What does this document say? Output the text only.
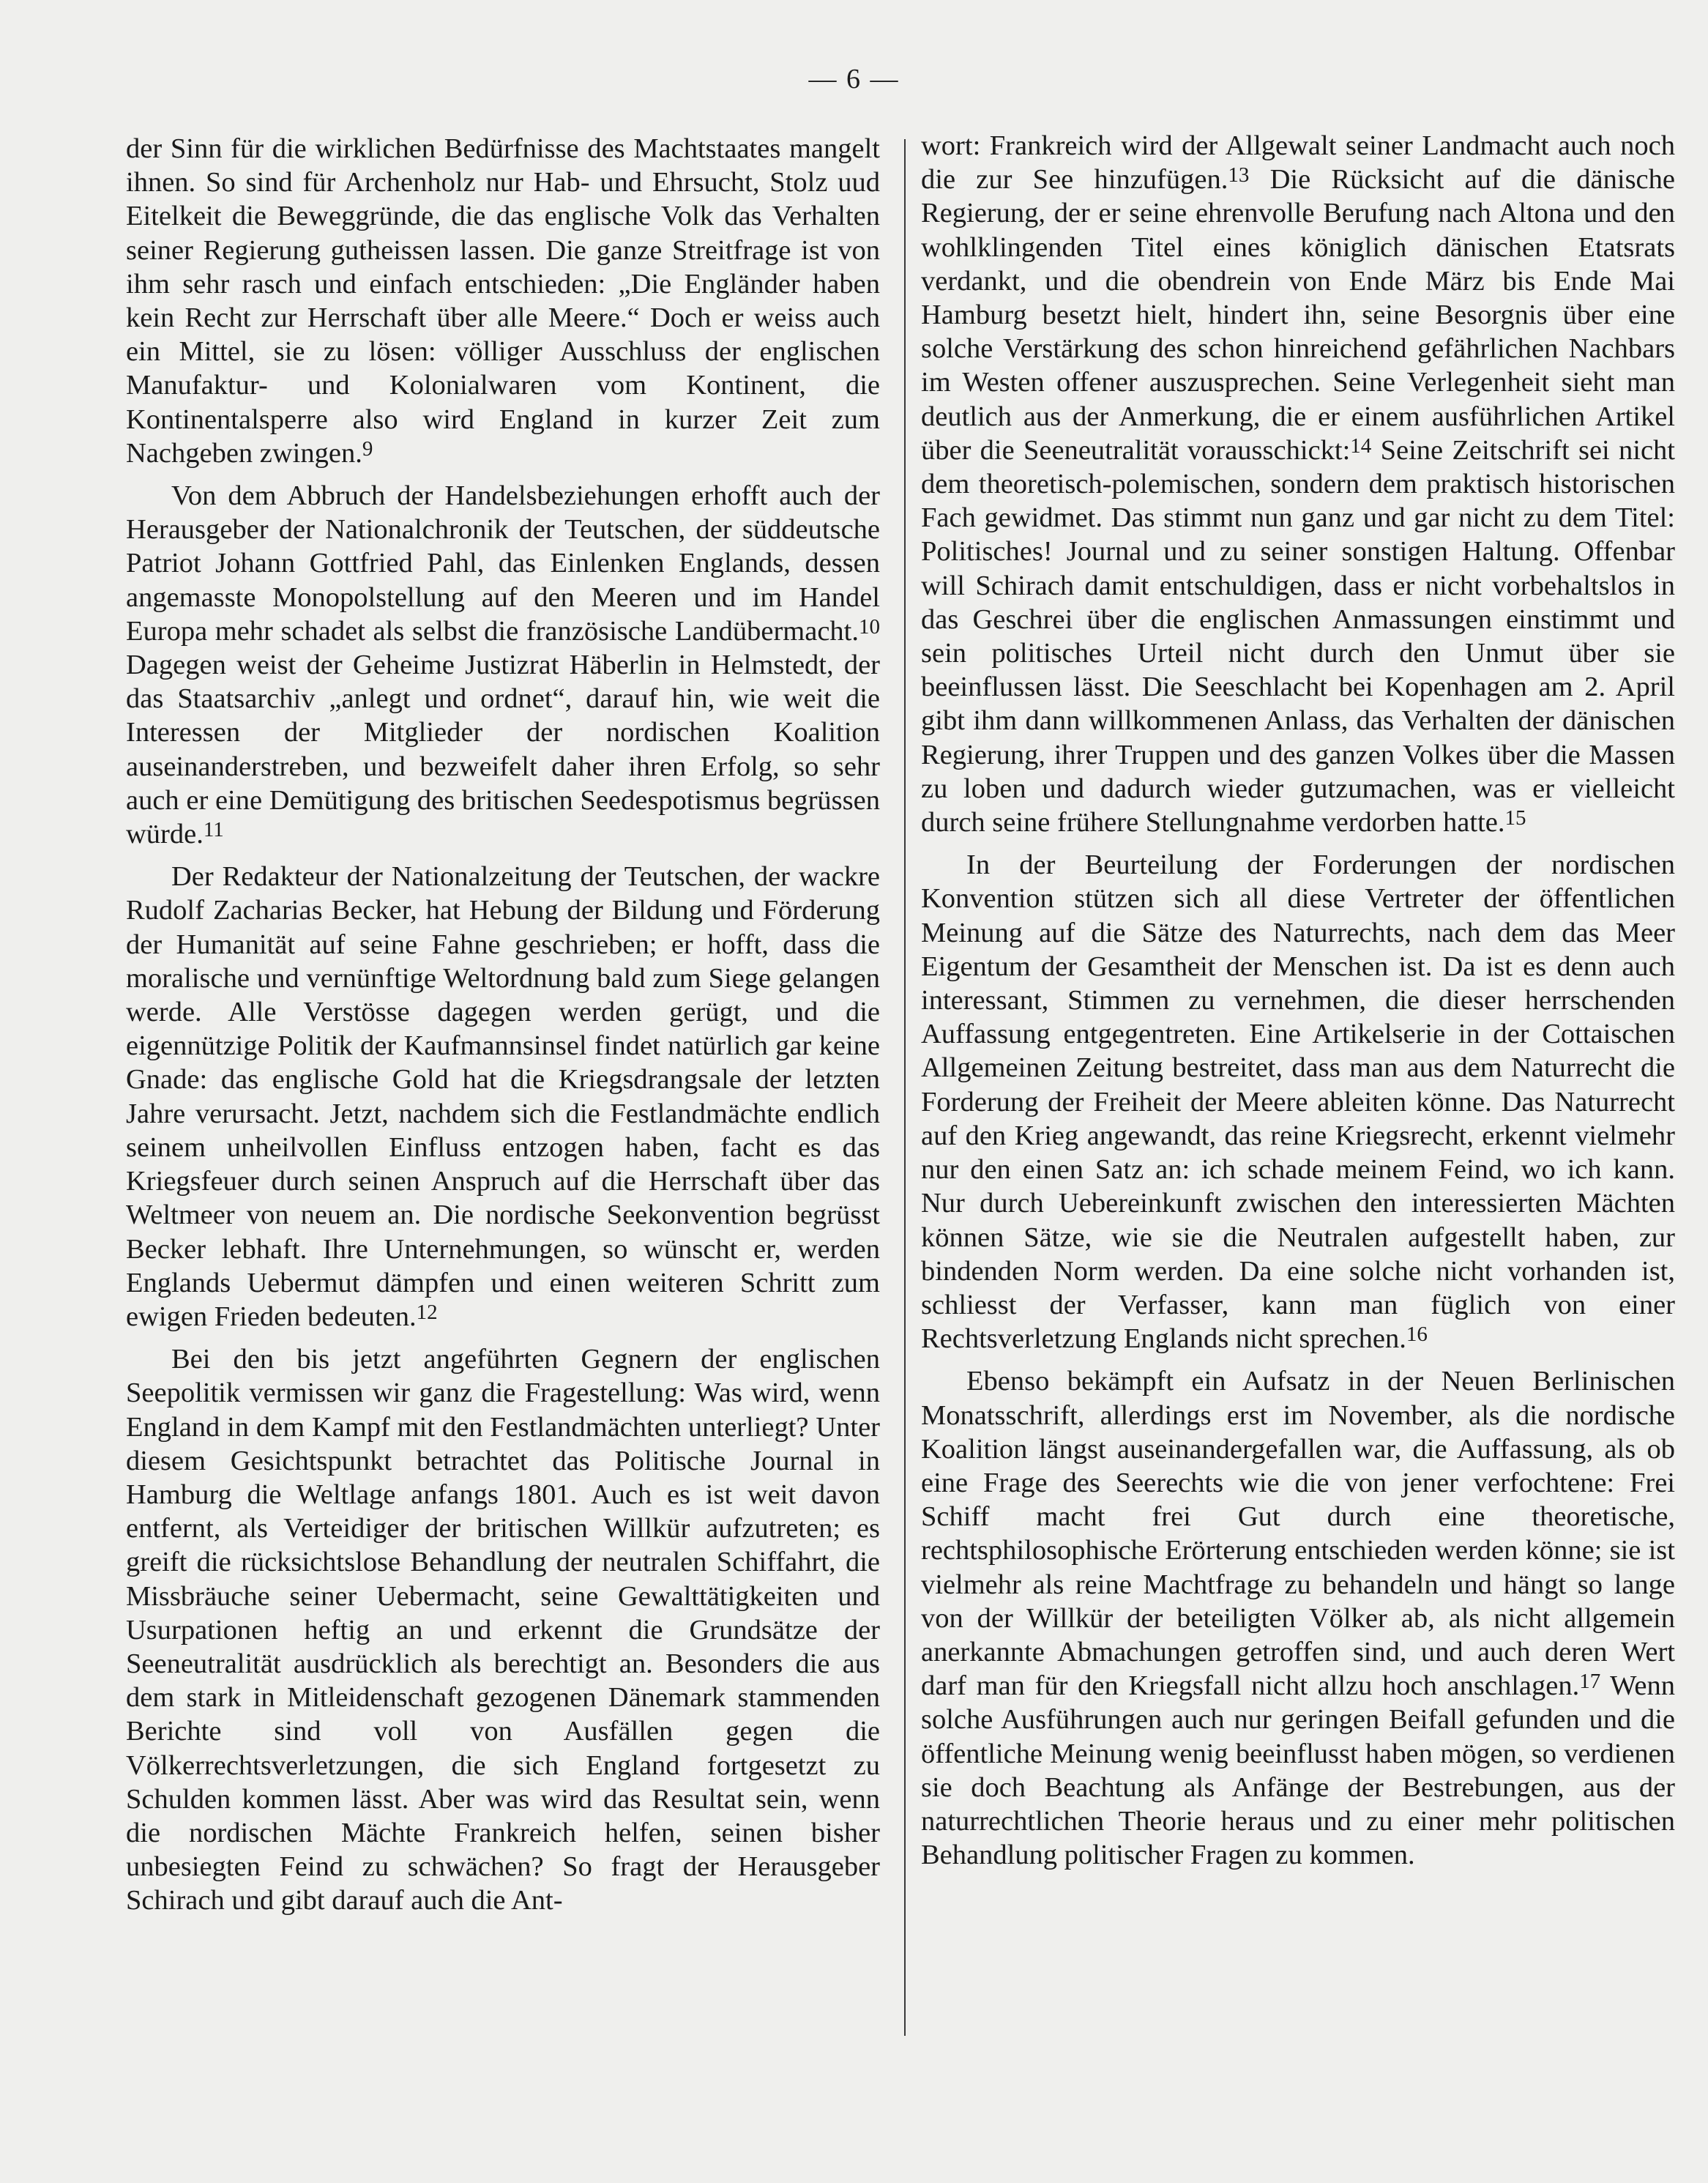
— 6 —

der Sinn für die wirklichen Bedürfnisse des Machtstaates mangelt ihnen. So sind für Archenholz nur Hab- und Ehrsucht, Stolz uud Eitelkeit die Beweggründe, die das englische Volk das Verhalten seiner Regierung gutheissen lassen. Die ganze Streitfrage ist von ihm sehr rasch und einfach entschieden: „Die Engländer haben kein Recht zur Herrschaft über alle Meere.“ Doch er weiss auch ein Mittel, sie zu lösen: völliger Ausschluss der englischen Manufaktur- und Kolonialwaren vom Kontinent, die Kontinentalsperre also wird England in kurzer Zeit zum Nachgeben zwingen.$^9$

Von dem Abbruch der Handelsbeziehungen erhofft auch der Herausgeber der Nationalchronik der Teutschen, der süddeutsche Patriot Johann Gottfried Pahl, das Einlenken Englands, dessen angemasste Monopolstellung auf den Meeren und im Handel Europa mehr schadet als selbst die französische Landübermacht.$^{10}$ Dagegen weist der Geheime Justizrat Häberlin in Helmstedt, der das Staatsarchiv „anlegt und ordnet“, darauf hin, wie weit die Interessen der Mitglieder der nordischen Koalition auseinanderstreben, und bezweifelt daher ihren Erfolg, so sehr auch er eine Demütigung des britischen Seedespotismus begrüssen würde.$^{11}$

Der Redakteur der Nationalzeitung der Teutschen, der wackre Rudolf Zacharias Becker, hat Hebung der Bildung und Förderung der Humanität auf seine Fahne geschrieben; er hofft, dass die moralische und vernünftige Weltordnung bald zum Siege gelangen werde. Alle Verstösse dagegen werden gerügt, und die eigennützige Politik der Kaufmannsinsel findet natürlich gar keine Gnade: das englische Gold hat die Kriegsdrangsale der letzten Jahre verursacht. Jetzt, nachdem sich die Festlandmächte endlich seinem unheilvollen Einfluss entzogen haben, facht es das Kriegsfeuer durch seinen Anspruch auf die Herrschaft über das Weltmeer von neuem an. Die nordische Seekonvention begrüsst Becker lebhaft. Ihre Unternehmungen, so wünscht er, werden Englands Uebermut dämpfen und einen weiteren Schritt zum ewigen Frieden bedeuten.$^{12}$

Bei den bis jetzt angeführten Gegnern der englischen Seepolitik vermissen wir ganz die Fragestellung: Was wird, wenn England in dem Kampf mit den Festlandmächten unterliegt? Unter diesem Gesichtspunkt betrachtet das Politische Journal in Hamburg die Weltlage anfangs 1801. Auch es ist weit davon entfernt, als Verteidiger der britischen Willkür aufzutreten; es greift die rücksichtslose Behandlung der neutralen Schiffahrt, die Missbräuche seiner Uebermacht, seine Gewalttätigkeiten und Usurpationen heftig an und erkennt die Grundsätze der Seeneutralität ausdrücklich als berechtigt an. Besonders die aus dem stark in Mitleidenschaft gezogenen Dänemark stammenden Berichte sind voll von Ausfällen gegen die Völkerrechtsverletzungen, die sich England fortgesetzt zu Schulden kommen lässt. Aber was wird das Resultat sein, wenn die nordischen Mächte Frankreich helfen, seinen bisher unbesiegten Feind zu schwächen? So fragt der Herausgeber Schirach und gibt darauf auch die Ant-

wort: Frankreich wird der Allgewalt seiner Landmacht auch noch die zur See hinzufügen.$^{13}$ Die Rücksicht auf die dänische Regierung, der er seine ehrenvolle Berufung nach Altona und den wohlklingenden Titel eines königlich dänischen Etatsrats verdankt, und die obendrein von Ende März bis Ende Mai Hamburg besetzt hielt, hindert ihn, seine Besorgnis über eine solche Verstärkung des schon hinreichend gefährlichen Nachbars im Westen offener auszusprechen. Seine Verlegenheit sieht man deutlich aus der Anmerkung, die er einem ausführlichen Artikel über die Seeneutralität vorausschickt:$^{14}$ Seine Zeitschrift sei nicht dem theoretisch-polemischen, sondern dem praktisch historischen Fach gewidmet. Das stimmt nun ganz und gar nicht zu dem Titel: Politisches! Journal und zu seiner sonstigen Haltung. Offenbar will Schirach damit entschuldigen, dass er nicht vorbehaltslos in das Geschrei über die englischen Anmassungen einstimmt und sein politisches Urteil nicht durch den Unmut über sie beeinflussen lässt. Die Seeschlacht bei Kopenhagen am 2. April gibt ihm dann willkommenen Anlass, das Verhalten der dänischen Regierung, ihrer Truppen und des ganzen Volkes über die Massen zu loben und dadurch wieder gutzumachen, was er vielleicht durch seine frühere Stellungnahme verdorben hatte.$^{15}$

In der Beurteilung der Forderungen der nordischen Konvention stützen sich all diese Vertreter der öffentlichen Meinung auf die Sätze des Naturrechts, nach dem das Meer Eigentum der Gesamtheit der Menschen ist. Da ist es denn auch interessant, Stimmen zu vernehmen, die dieser herrschenden Auffassung entgegentreten. Eine Artikelserie in der Cottaischen Allgemeinen Zeitung bestreitet, dass man aus dem Naturrecht die Forderung der Freiheit der Meere ableiten könne. Das Naturrecht auf den Krieg angewandt, das reine Kriegsrecht, erkennt vielmehr nur den einen Satz an: ich schade meinem Feind, wo ich kann. Nur durch Uebereinkunft zwischen den interessierten Mächten können Sätze, wie sie die Neutralen aufgestellt haben, zur bindenden Norm werden. Da eine solche nicht vorhanden ist, schliesst der Verfasser, kann man füglich von einer Rechtsverletzung Englands nicht sprechen.$^{16}$

Ebenso bekämpft ein Aufsatz in der Neuen Berlinischen Monatsschrift, allerdings erst im November, als die nordische Koalition längst auseinandergefallen war, die Auffassung, als ob eine Frage des Seerechts wie die von jener verfochtene: Frei Schiff macht frei Gut durch eine theoretische, rechtsphilosophische Erörterung entschieden werden könne; sie ist vielmehr als reine Machtfrage zu behandeln und hängt so lange von der Willkür der beteiligten Völker ab, als nicht allgemein anerkannte Abmachungen getroffen sind, und auch deren Wert darf man für den Kriegsfall nicht allzu hoch anschlagen.$^{17}$ Wenn solche Ausführungen auch nur geringen Beifall gefunden und die öffentliche Meinung wenig beeinflusst haben mögen, so verdienen sie doch Beachtung als Anfänge der Bestrebungen, aus der naturrechtlichen Theorie heraus und zu einer mehr politischen Behandlung politischer Fragen zu kommen.
